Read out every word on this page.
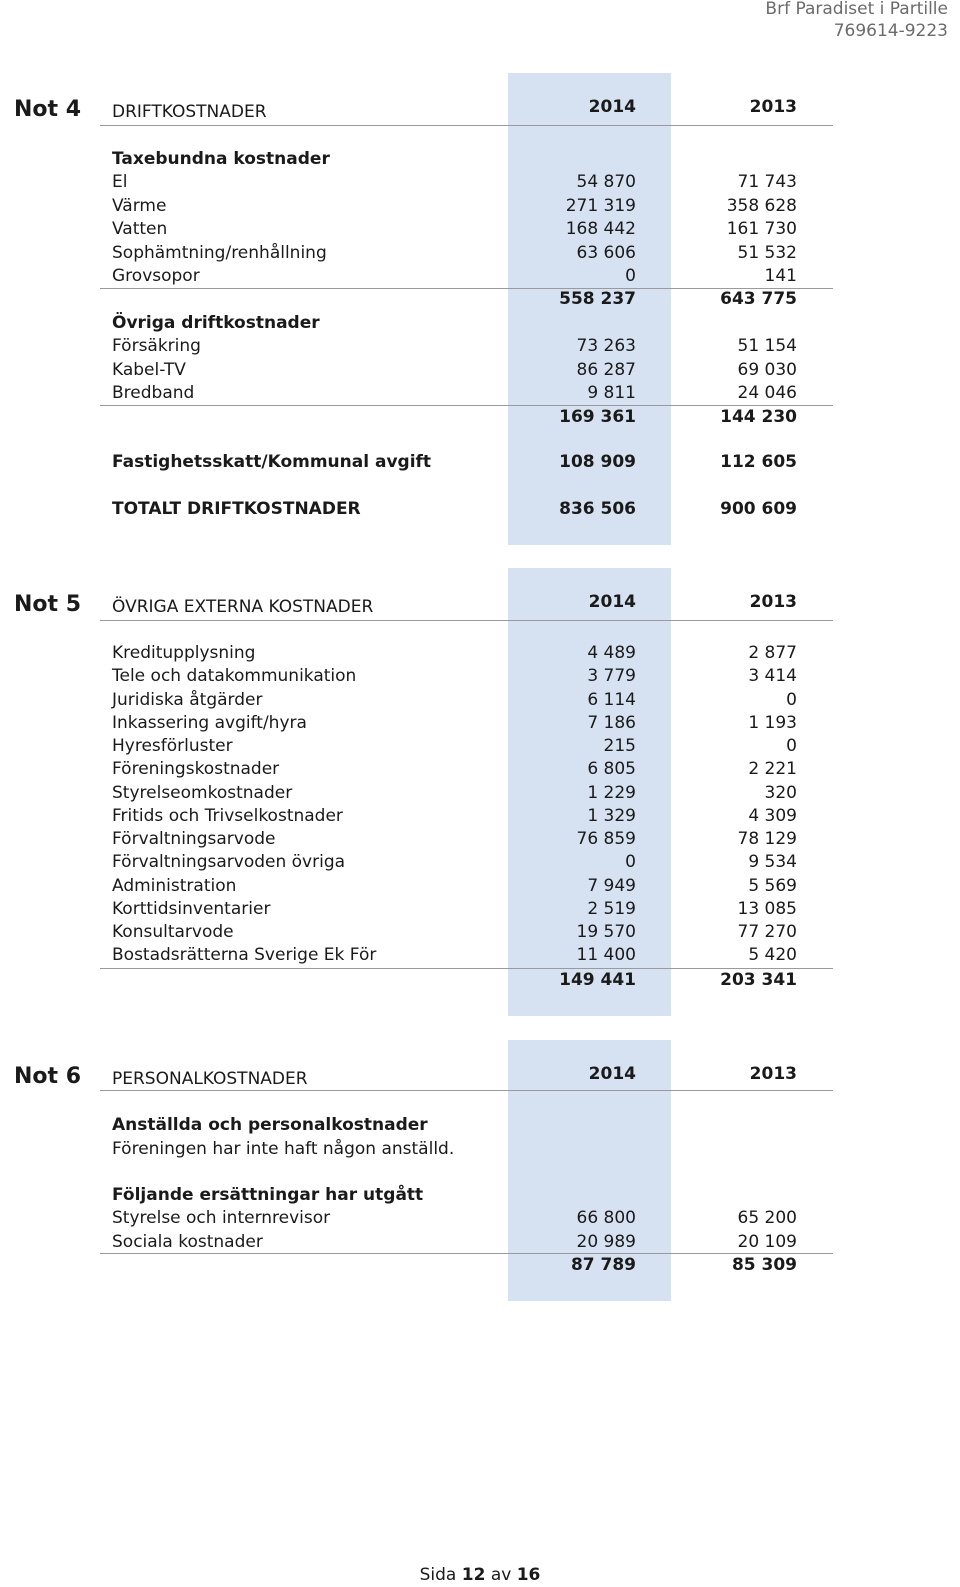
Brf Paradiset i Partille
769614-9223
Not 4 DRIFTKOSTNADER	2014	2013
Taxebundna kostnader
El	54 870	71 743
Värme	271 319	358 628
Vatten	168 442	161 730
Sophämtning/renhållning	63 606	51 532
Grovsopor	0	141
558 237	643 775
Övriga driftkostnader
Försäkring	73 263	51 154
Kabel-TV	86 287	69 030
Bredband	9 811	24 046
169 361	144 230
Fastighetsskatt/Kommunal avgift	108 909	112 605
TOTALT DRIFTKOSTNADER	836 506	900 609
Not 5 ÖVRIGA EXTERNA KOSTNADER	2014	2013
Kreditupplysning	4 489	2 877
Tele och datakommunikation	3 779	3 414
Juridiska åtgärder	6 114	0
Inkassering avgift/hyra	7 186	1 193
Hyresförluster	215	0
Föreningskostnader	6 805	2 221
Styrelseomkostnader	1 229	320
Fritids och Trivselkostnader	1 329	4 309
Förvaltningsarvode	76 859	78 129
Förvaltningsarvoden övriga	0	9 534
Administration	7 949	5 569
Korttidsinventarier	2 519	13 085
Konsultarvode	19 570	77 270
Bostadsrätterna Sverige Ek För	11 400	5 420
149 441	203 341
Not 6 PERSONALKOSTNADER	2014	2013
Anställda och personalkostnader
Föreningen har inte haft någon anställd.
Följande ersättningar har utgått
Styrelse och internrevisor	66 800	65 200
Sociala kostnader	20 989	20 109
87 789	85 309
Sida 12 av 16
